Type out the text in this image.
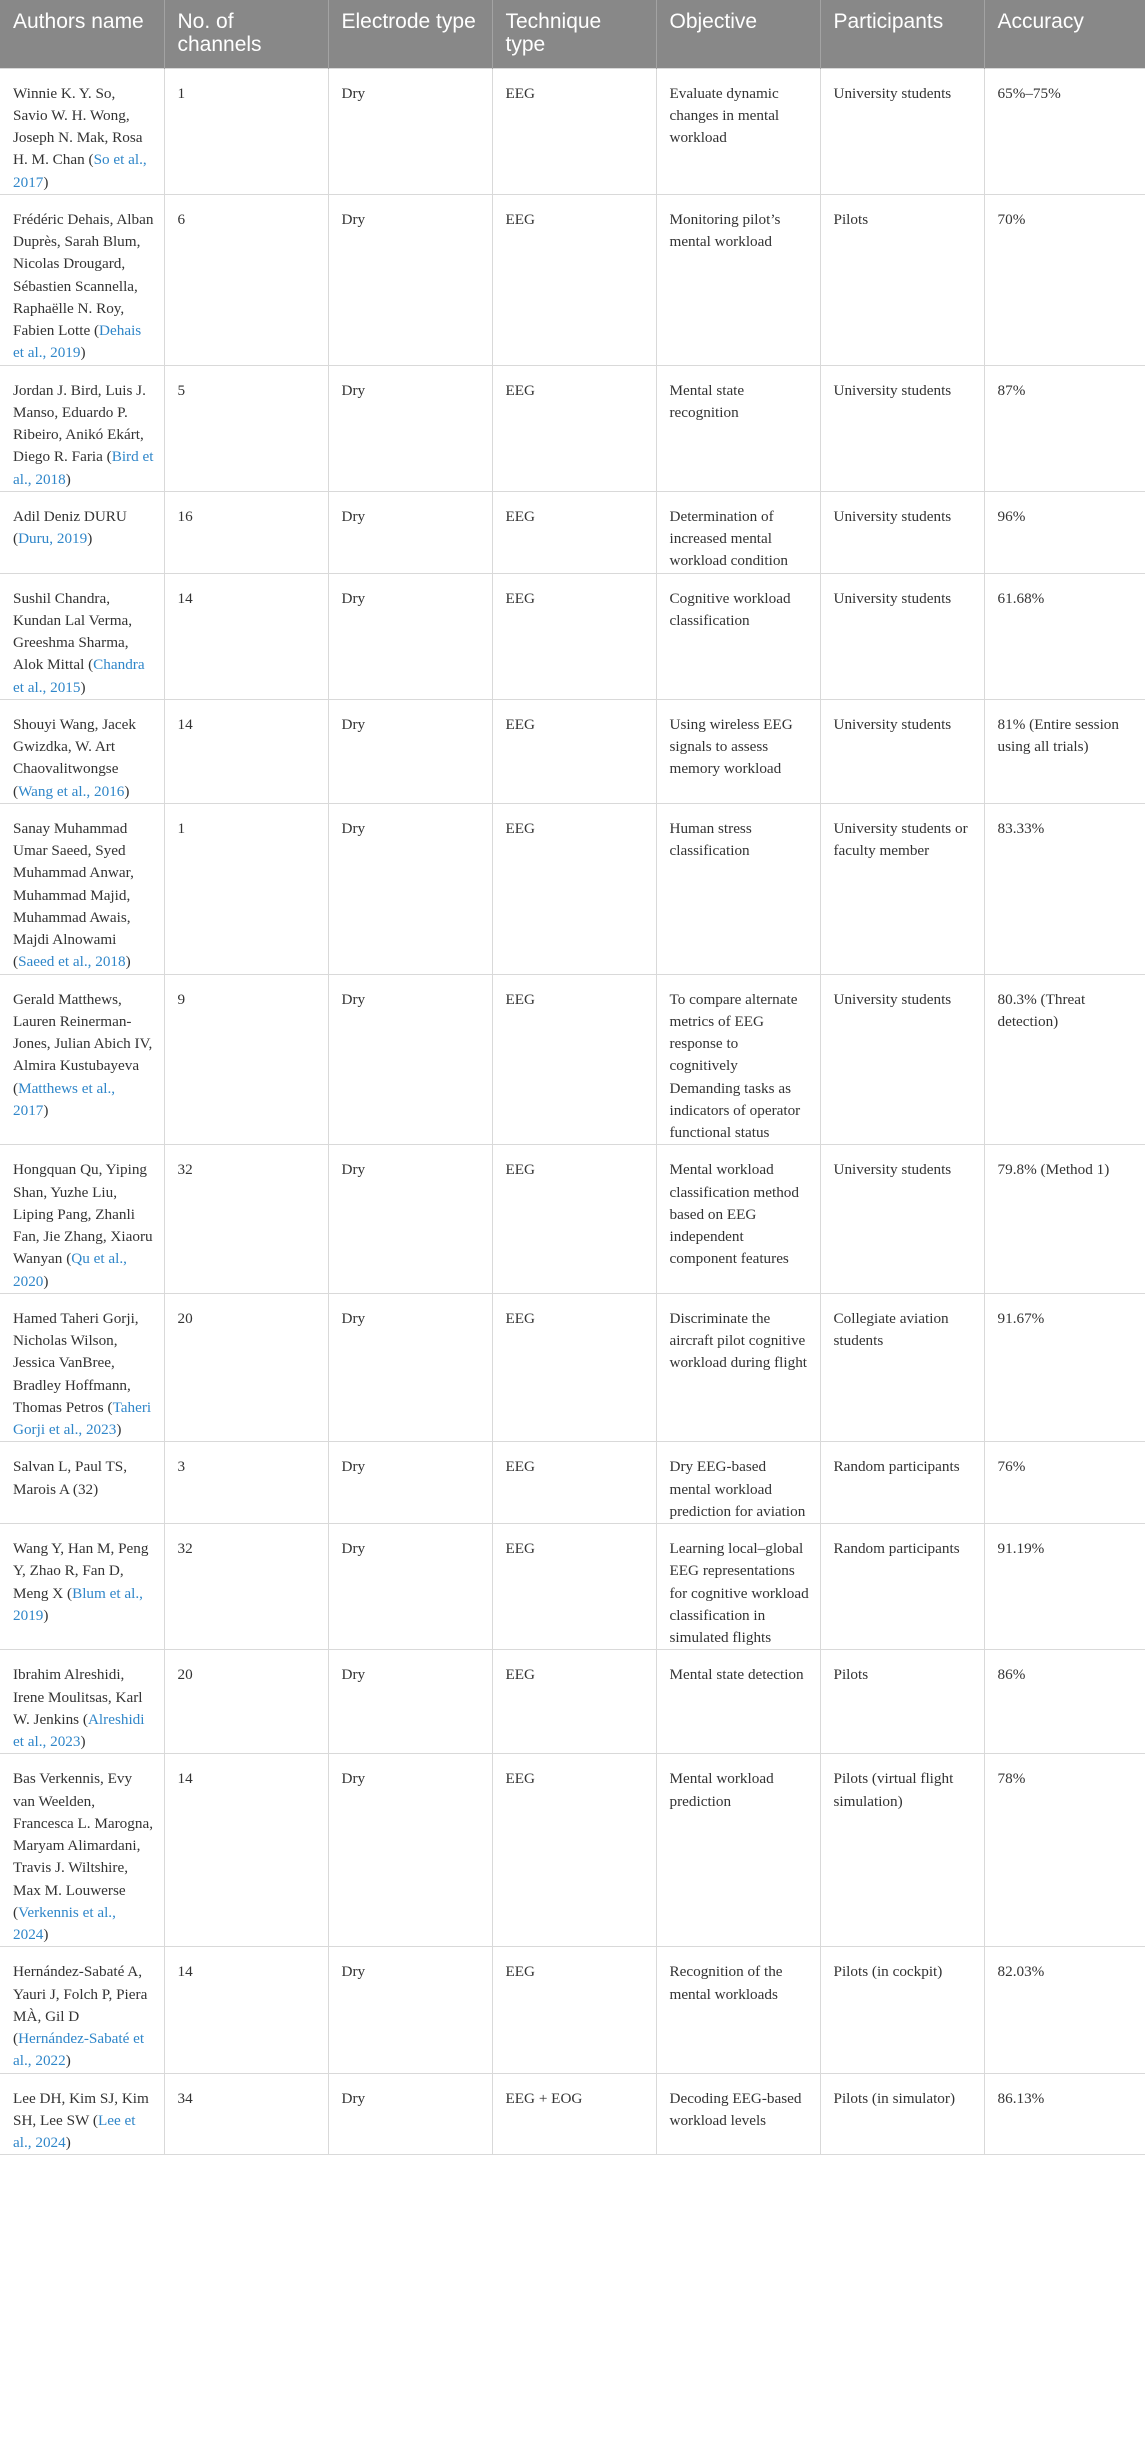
Authors name	No. of channels	Electrode type	Technique type	Objective	Participants	Accuracy
Winnie K. Y. So, Savio W. H. Wong, Joseph N. Mak, Rosa H. M. Chan (So et al., 2017)	1	Dry	EEG	Evaluate dynamic changes in mental workload	University students	65%–75%
Frédéric Dehais, Alban Duprès, Sarah Blum, Nicolas Drougard, Sébastien Scannella, Raphaëlle N. Roy, Fabien Lotte (Dehais et al., 2019)	6	Dry	EEG	Monitoring pilot’s mental workload	Pilots	70%
Jordan J. Bird, Luis J. Manso, Eduardo P. Ribeiro, Anikó Ekárt, Diego R. Faria (Bird et al., 2018)	5	Dry	EEG	Mental state recognition	University students	87%
Adil Deniz DURU (Duru, 2019)	16	Dry	EEG	Determination of increased mental workload condition	University students	96%
Sushil Chandra, Kundan Lal Verma, Greeshma Sharma, Alok Mittal (Chandra et al., 2015)	14	Dry	EEG	Cognitive workload classification	University students	61.68%
Shouyi Wang, Jacek Gwizdka, W. Art Chaovalitwongse (Wang et al., 2016)	14	Dry	EEG	Using wireless EEG signals to assess memory workload	University students	81% (Entire session using all trials)
Sanay Muhammad Umar Saeed, Syed Muhammad Anwar, Muhammad Majid, Muhammad Awais, Majdi Alnowami (Saeed et al., 2018)	1	Dry	EEG	Human stress classification	University students or faculty member	83.33%
Gerald Matthews, Lauren Reinerman-Jones, Julian Abich IV, Almira Kustubayeva (Matthews et al., 2017)	9	Dry	EEG	To compare alternate metrics of EEG response to cognitively Demanding tasks as indicators of operator functional status	University students	80.3% (Threat detection)
Hongquan Qu, Yiping Shan, Yuzhe Liu, Liping Pang, Zhanli Fan, Jie Zhang, Xiaoru Wanyan (Qu et al., 2020)	32	Dry	EEG	Mental workload classification method based on EEG independent component features	University students	79.8% (Method 1)
Hamed Taheri Gorji, Nicholas Wilson, Jessica VanBree, Bradley Hoffmann, Thomas Petros (Taheri Gorji et al., 2023)	20	Dry	EEG	Discriminate the aircraft pilot cognitive workload during flight	Collegiate aviation students	91.67%
Salvan L, Paul TS, Marois A (32)	3	Dry	EEG	Dry EEG-based mental workload prediction for aviation	Random participants	76%
Wang Y, Han M, Peng Y, Zhao R, Fan D, Meng X (Blum et al., 2019)	32	Dry	EEG	Learning local–global EEG representations for cognitive workload classification in simulated flights	Random participants	91.19%
Ibrahim Alreshidi, Irene Moulitsas, Karl W. Jenkins (Alreshidi et al., 2023)	20	Dry	EEG	Mental state detection	Pilots	86%
Bas Verkennis, Evy van Weelden, Francesca L. Marogna, Maryam Alimardani, Travis J. Wiltshire, Max M. Louwerse (Verkennis et al., 2024)	14	Dry	EEG	Mental workload prediction	Pilots (virtual flight simulation)	78%
Hernández-Sabaté A, Yauri J, Folch P, Piera MÀ, Gil D (Hernández-Sabaté et al., 2022)	14	Dry	EEG	Recognition of the mental workloads	Pilots (in cockpit)	82.03%
Lee DH, Kim SJ, Kim SH, Lee SW (Lee et al., 2024)	34	Dry	EEG + EOG	Decoding EEG-based workload levels	Pilots (in simulator)	86.13%
